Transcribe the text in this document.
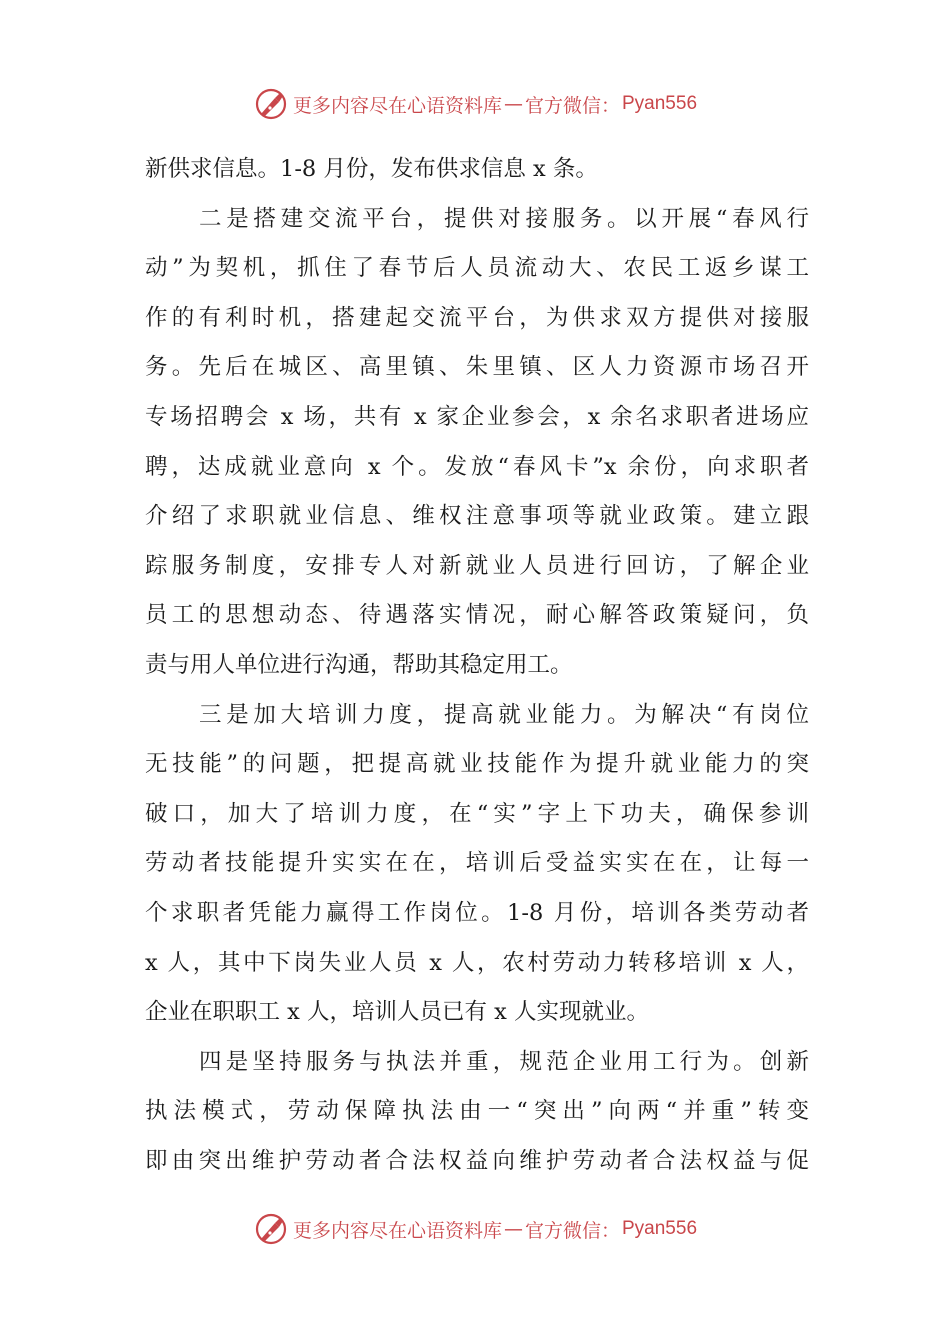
更多内容尽在心语资料库 — 官方微信： Pyan556
新供求信息。1-8 月份，发布供求信息 x 条。
二是搭建交流平台，提供对接服务。以开展“春风行
动”为契机，抓住了春节后人员流动大、农民工返乡谋工
作的有利时机，搭建起交流平台，为供求双方提供对接服
务。先后在城区、高里镇、朱里镇、区人力资源市场召开
专场招聘会 x 场，共有 x 家企业参会，x 余名求职者进场应
聘，达成就业意向 x 个。发放“春风卡”x 余份，向求职者
介绍了求职就业信息、维权注意事项等就业政策。建立跟
踪服务制度，安排专人对新就业人员进行回访，了解企业
员工的思想动态、待遇落实情况，耐心解答政策疑问，负
责与用人单位进行沟通，帮助其稳定用工。
三是加大培训力度，提高就业能力。为解决“有岗位
无技能”的问题，把提高就业技能作为提升就业能力的突
破口，加大了培训力度，在“实”字上下功夫，确保参训
劳动者技能提升实实在在，培训后受益实实在在，让每一
个求职者凭能力赢得工作岗位。1-8 月份，培训各类劳动者
x 人，其中下岗失业人员 x 人，农村劳动力转移培训 x 人，
企业在职职工 x 人，培训人员已有 x 人实现就业。
四是坚持服务与执法并重，规范企业用工行为。创新
执法模式，劳动保障执法由一“突出”向两“并重”转变
即由突出维护劳动者合法权益向维护劳动者合法权益与促
更多内容尽在心语资料库 — 官方微信： Pyan556
